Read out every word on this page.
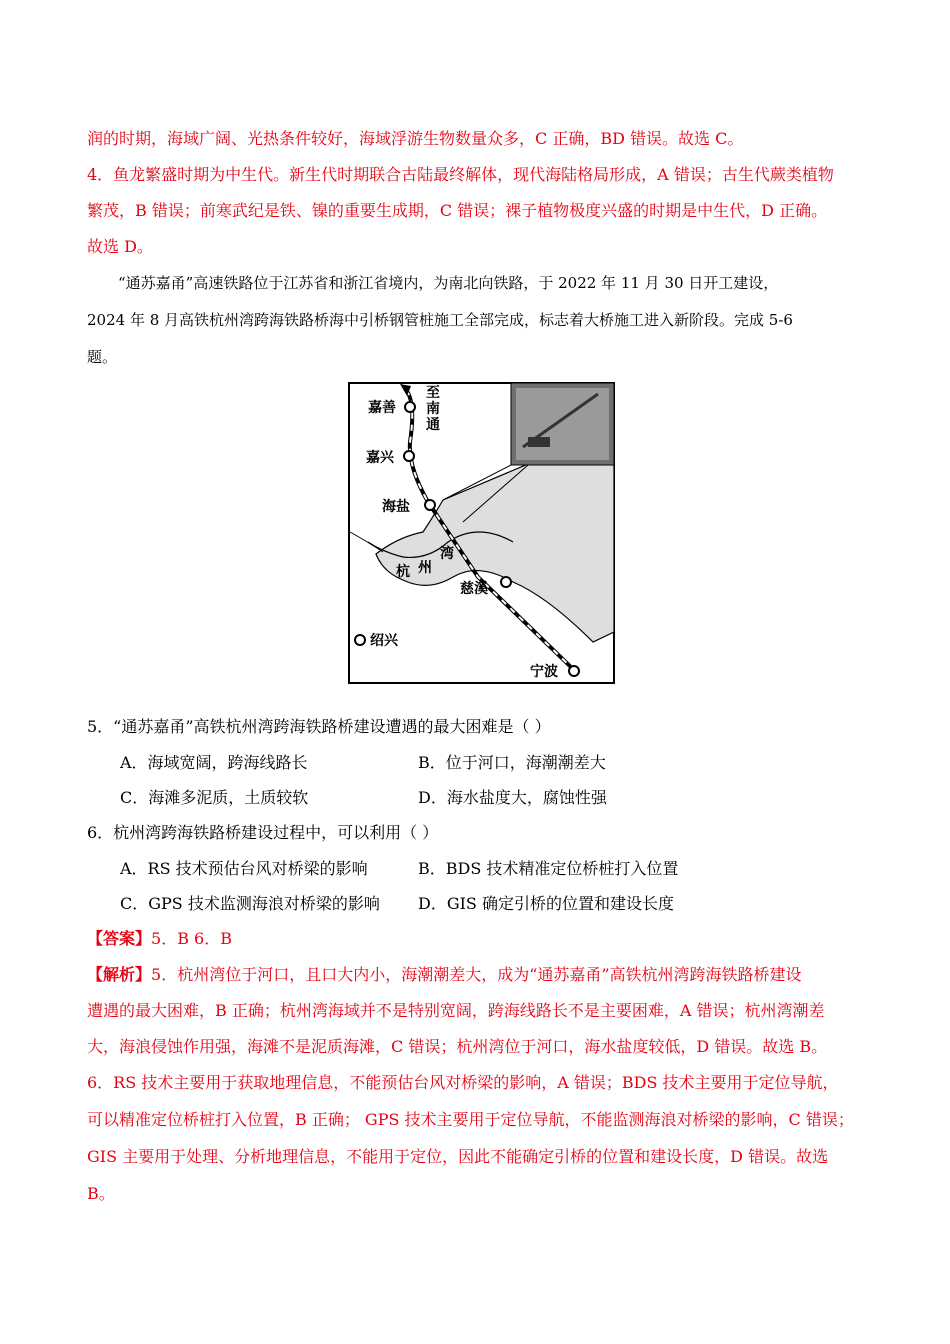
润的时期，海域广阔、光热条件较好，海域浮游生物数量众多，C 正确，BD 错误。故选 C。
4．鱼龙繁盛时期为中生代。新生代时期联合古陆最终解体，现代海陆格局形成，A 错误；古生代蕨类植物
繁茂，B 错误；前寒武纪是铁、镍的重要生成期，C 错误；裸子植物极度兴盛的时期是中生代，D 正确。
故选 D。
“通苏嘉甬”高速铁路位于江苏省和浙江省境内，为南北向铁路，于 2022 年 11 月 30 日开工建设，
2024 年 8 月高铁杭州湾跨海铁路桥海中引桥钢管桩施工全部完成，标志着大桥施工进入新阶段。完成 5-6
题。
至
南
通
嘉善
嘉兴
海盐
慈溪
绍兴
宁波
杭 州
湾
5．“通苏嘉甬”高铁杭州湾跨海铁路桥建设遭遇的最大困难是（ ）
A．海域宽阔，跨海线路长	B．位于河口，海潮潮差大
C．海滩多泥质，土质较软	D．海水盐度大，腐蚀性强
6．杭州湾跨海铁路桥建设过程中，可以利用（ ）
A．RS 技术预估台风对桥梁的影响	B．BDS 技术精准定位桥桩打入位置
C．GPS 技术监测海浪对桥梁的影响 D．GIS 确定引桥的位置和建设长度
【答案】5．B 6．B
【解析】5．杭州湾位于河口，且口大内小，海潮潮差大，成为“通苏嘉甬”高铁杭州湾跨海铁路桥建设
遭遇的最大困难，B 正确；杭州湾海域并不是特别宽阔，跨海线路长不是主要困难，A 错误；杭州湾潮差
大，海浪侵蚀作用强，海滩不是泥质海滩，C 错误；杭州湾位于河口，海水盐度较低，D 错误。故选 B。
6．RS 技术主要用于获取地理信息，不能预估台风对桥梁的影响，A 错误；BDS 技术主要用于定位导航，
可以精准定位桥桩打入位置，B 正确； GPS 技术主要用于定位导航，不能监测海浪对桥梁的影响，C 错误；
GIS 主要用于处理、分析地理信息，不能用于定位，因此不能确定引桥的位置和建设长度，D 错误。故选
B。
